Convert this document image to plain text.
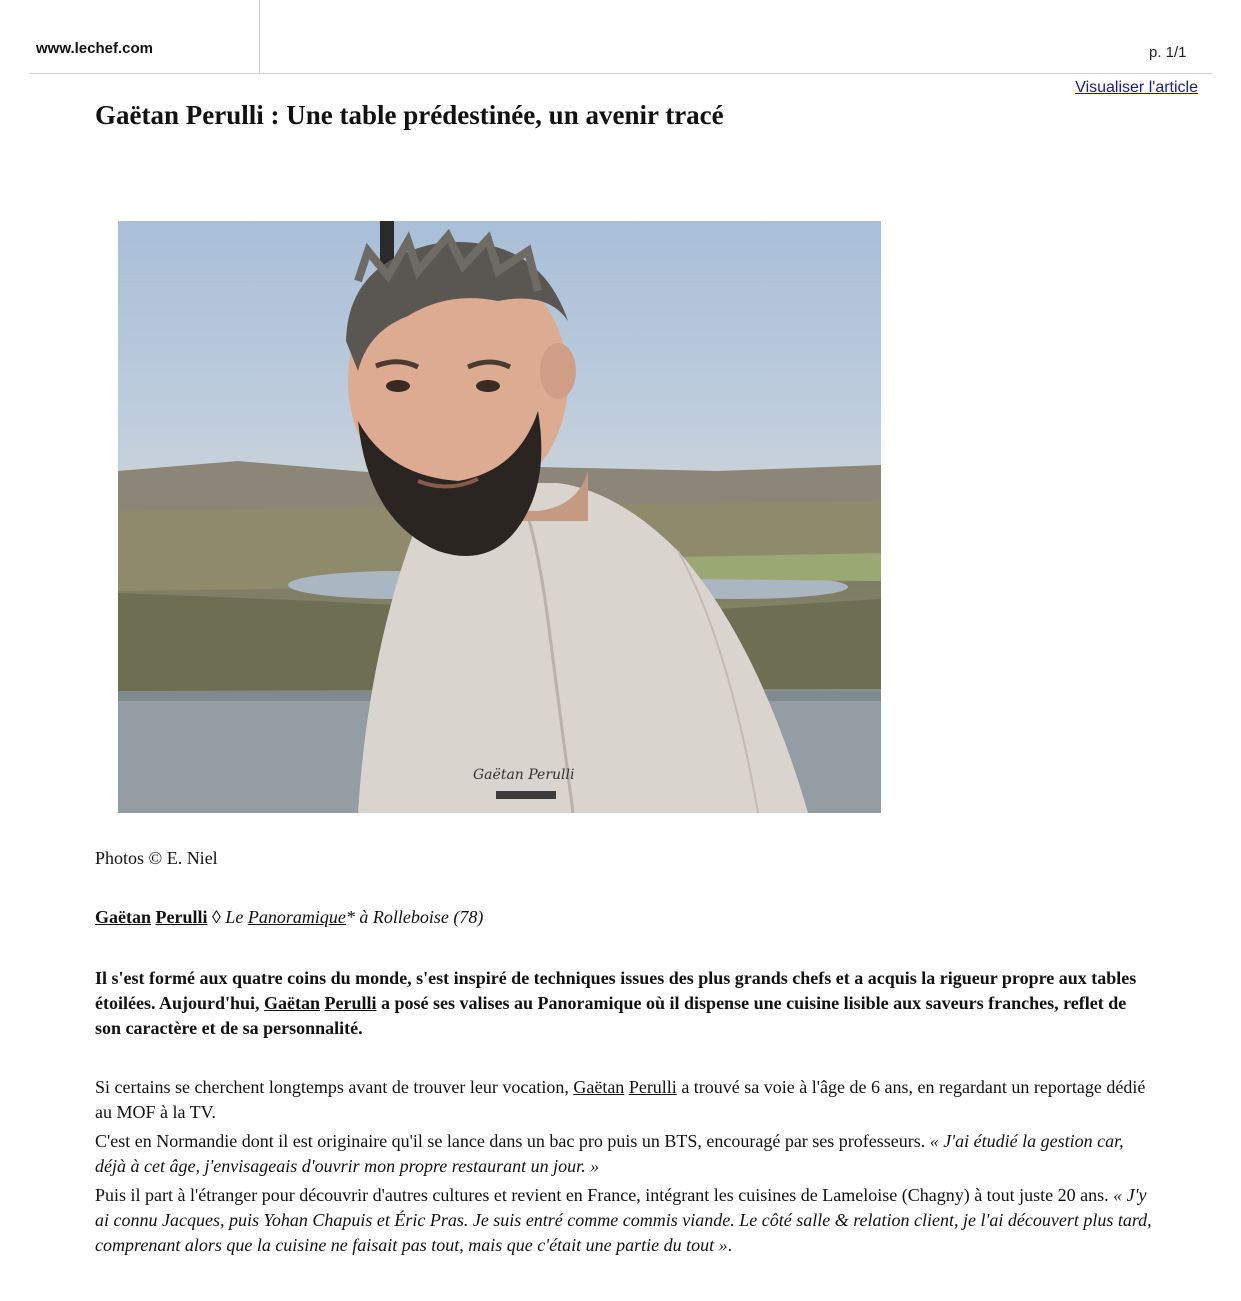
www.lechef.com	p. 1/1
Visualiser l'article
Gaëtan Perulli : Une table prédestinée, un avenir tracé
Gaëtan Perulli
Photos © E. Niel
Gaëtan Perulli ◊ Le Panoramique* à Rolleboise (78)

Il s'est formé aux quatre coins du monde, s'est inspiré de techniques issues des plus grands chefs et a acquis la rigueur propre aux tables étoilées. Aujourd'hui, Gaëtan Perulli a posé ses valises au Panoramique où il dispense une cuisine lisible aux saveurs franches, reflet de son caractère et de sa personnalité.

Si certains se cherchent longtemps avant de trouver leur vocation, Gaëtan Perulli a trouvé sa voie à l'âge de 6 ans, en regardant un reportage dédié au MOF à la TV.

C'est en Normandie dont il est originaire qu'il se lance dans un bac pro puis un BTS, encouragé par ses professeurs. « J'ai étudié la gestion car, déjà à cet âge, j'envisageais d'ouvrir mon propre restaurant un jour. »

Puis il part à l'étranger pour découvrir d'autres cultures et revient en France, intégrant les cuisines de Lameloise (Chagny) à tout juste 20 ans. « J'y ai connu Jacques, puis Yohan Chapuis et Éric Pras. Je suis entré comme commis viande. Le côté salle & relation client, je l'ai découvert plus tard, comprenant alors que la cuisine ne faisait pas tout, mais que c'était une partie du tout ».
